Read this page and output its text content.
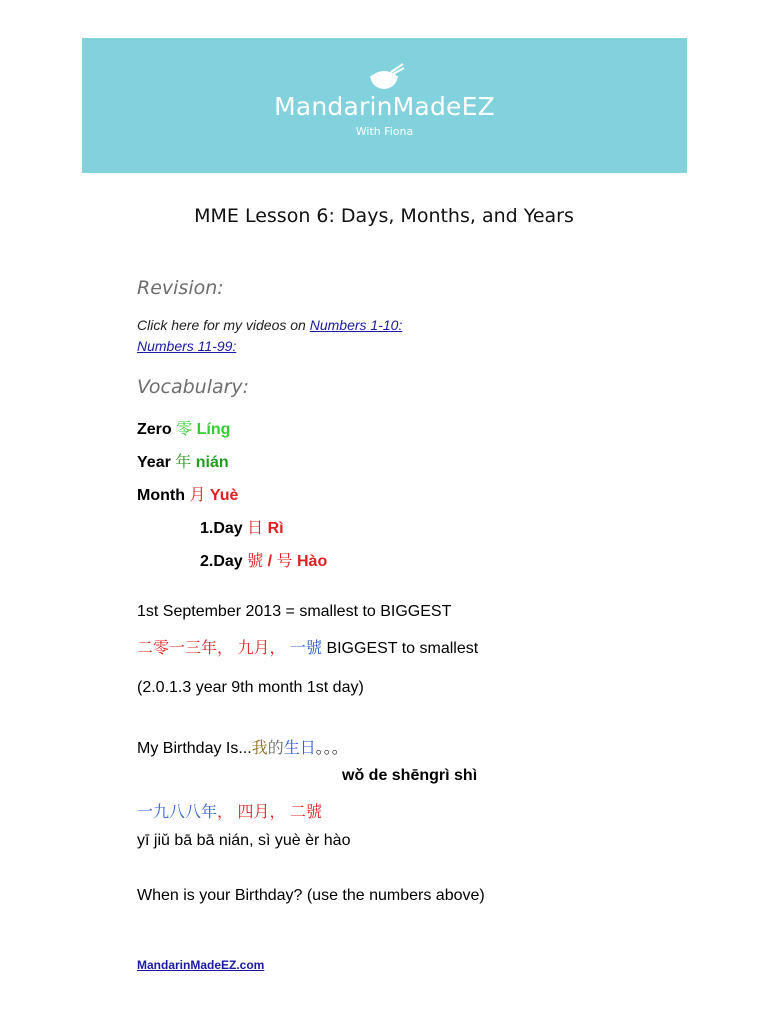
MandarinMadeEZ
With Fiona
MME Lesson 6: Days, Months, and Years
Revision:
Click here for my videos on Numbers 1-10:
Numbers 11-99:
Vocabulary:
Zero 零 Líng
Year 年 nián
Month 月 Yuè
1.Day 日 Rì
2.Day 號 / 号 Hào
1st September 2013 = smallest to BIGGEST
二零一三年， 九月， 一號 BIGGEST to smallest
(2.0.1.3 year 9th month 1st day)
My Birthday Is...我的生日。。。
wǒ de shēngrì shì
一九八八年， 四月， 二號
yī jiǔ bā bā nián, sì yuè èr hào
When is your Birthday? (use the numbers above)
MandarinMadeEZ.com
